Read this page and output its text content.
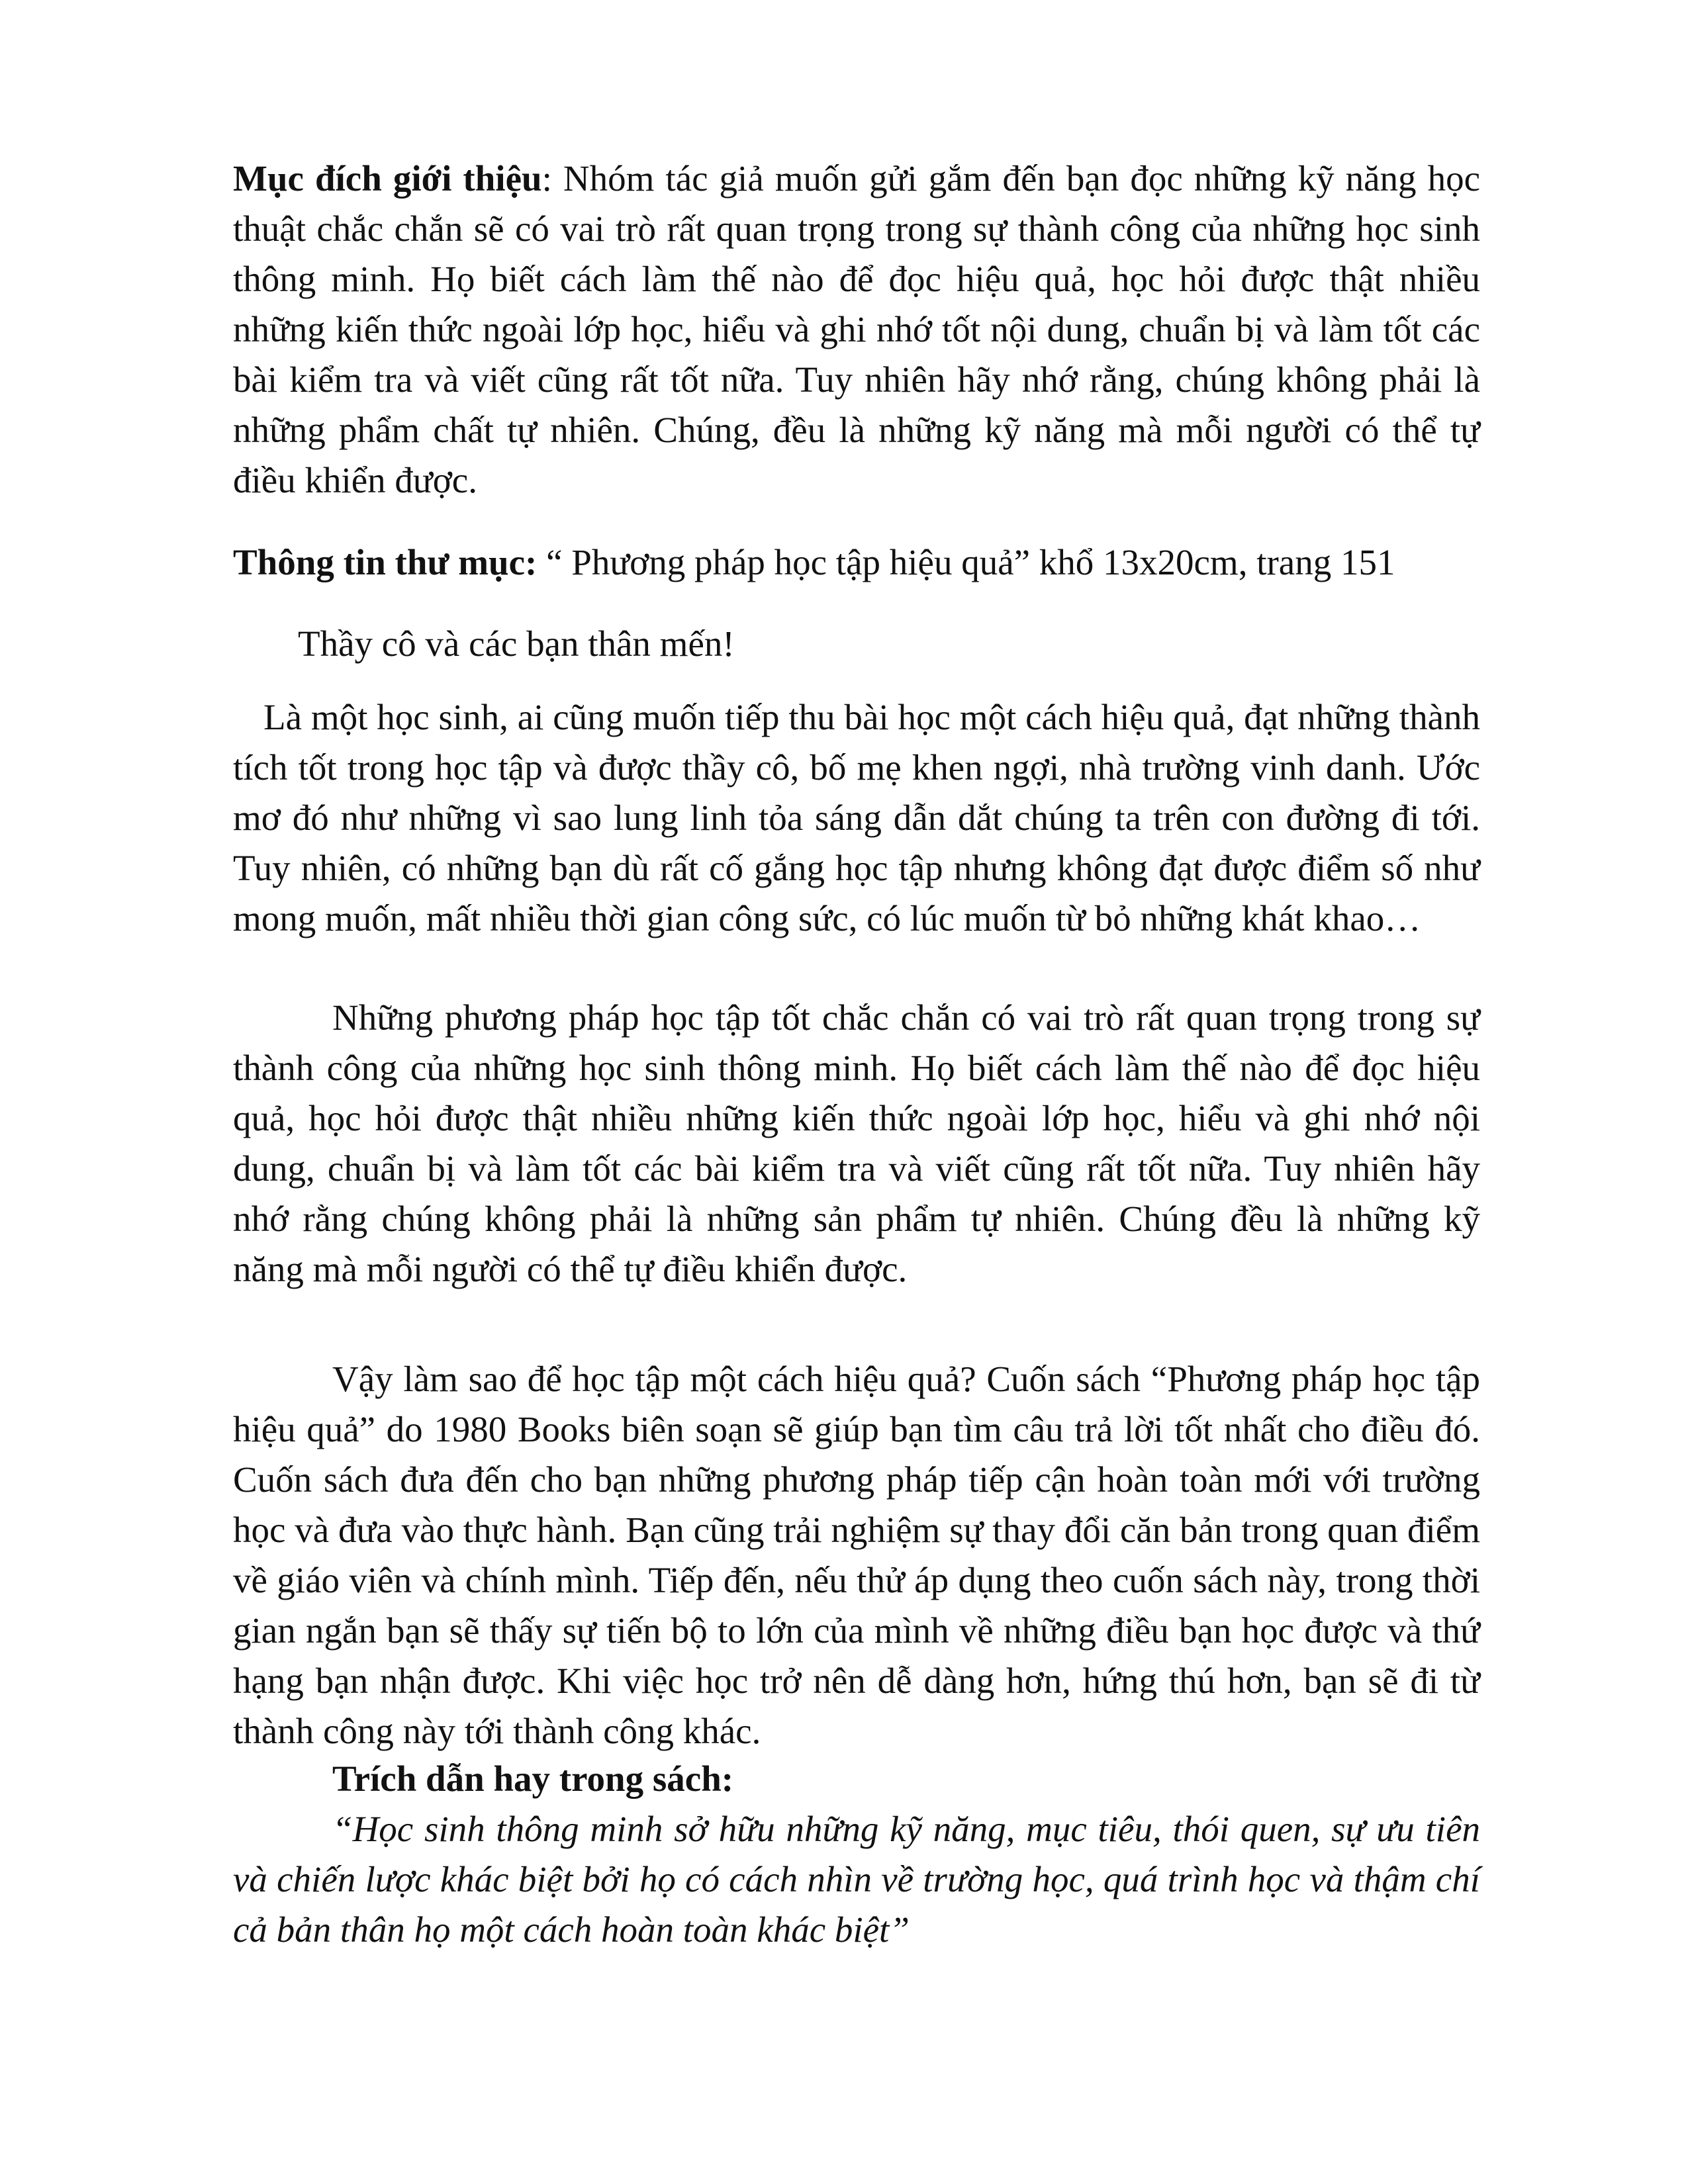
Mục đích giới thiệu: Nhóm tác giả muốn gửi gắm đến bạn đọc những kỹ năng học thuật chắc chắn sẽ có vai trò rất quan trọng trong sự thành công của những học sinh thông minh. Họ biết cách làm thế nào để đọc hiệu quả, học hỏi được thật nhiều những kiến thức ngoài lớp học, hiểu và ghi nhớ tốt nội dung, chuẩn bị và làm tốt các bài kiểm tra và viết cũng rất tốt nữa. Tuy nhiên hãy nhớ rằng, chúng không phải là những phẩm chất tự nhiên. Chúng, đều là những kỹ năng mà mỗi người có thể tự điều khiển được.

Thông tin thư mục: “ Phương pháp học tập hiệu quả” khổ 13x20cm, trang 151

Thầy cô và các bạn thân mến!

Là một học sinh, ai cũng muốn tiếp thu bài học một cách hiệu quả, đạt những thành tích tốt trong học tập và được thầy cô, bố mẹ khen ngợi, nhà trường vinh danh. Ước mơ đó như những vì sao lung linh tỏa sáng dẫn dắt chúng ta trên con đường đi tới. Tuy nhiên, có những bạn dù rất cố gắng học tập nhưng không đạt được điểm số như mong muốn, mất nhiều thời gian công sức, có lúc muốn từ bỏ những khát khao…

Những phương pháp học tập tốt chắc chắn có vai trò rất quan trọng trong sự thành công của những học sinh thông minh. Họ biết cách làm thế nào để đọc hiệu quả, học hỏi được thật nhiều những kiến thức ngoài lớp học, hiểu và ghi nhớ nội dung, chuẩn bị và làm tốt các bài kiểm tra và viết cũng rất tốt nữa. Tuy nhiên hãy nhớ rằng chúng không phải là những sản phẩm tự nhiên. Chúng đều là những kỹ năng mà mỗi người có thể tự điều khiển được.

Vậy làm sao để học tập một cách hiệu quả? Cuốn sách “Phương pháp học tập hiệu quả” do 1980 Books biên soạn sẽ giúp bạn tìm câu trả lời tốt nhất cho điều đó. Cuốn sách đưa đến cho bạn những phương pháp tiếp cận hoàn toàn mới với trường học và đưa vào thực hành. Bạn cũng trải nghiệm sự thay đổi căn bản trong quan điểm về giáo viên và chính mình. Tiếp đến, nếu thử áp dụng theo cuốn sách này, trong thời gian ngắn bạn sẽ thấy sự tiến bộ to lớn của mình về những điều bạn học được và thứ hạng bạn nhận được. Khi việc học trở nên dễ dàng hơn, hứng thú hơn, bạn sẽ đi từ thành công này tới thành công khác.

Trích dẫn hay trong sách:

“Học sinh thông minh sở hữu những kỹ năng, mục tiêu, thói quen, sự ưu tiên và chiến lược khác biệt bởi họ có cách nhìn về trường học, quá trình học và thậm chí cả bản thân họ một cách hoàn toàn khác biệt”
